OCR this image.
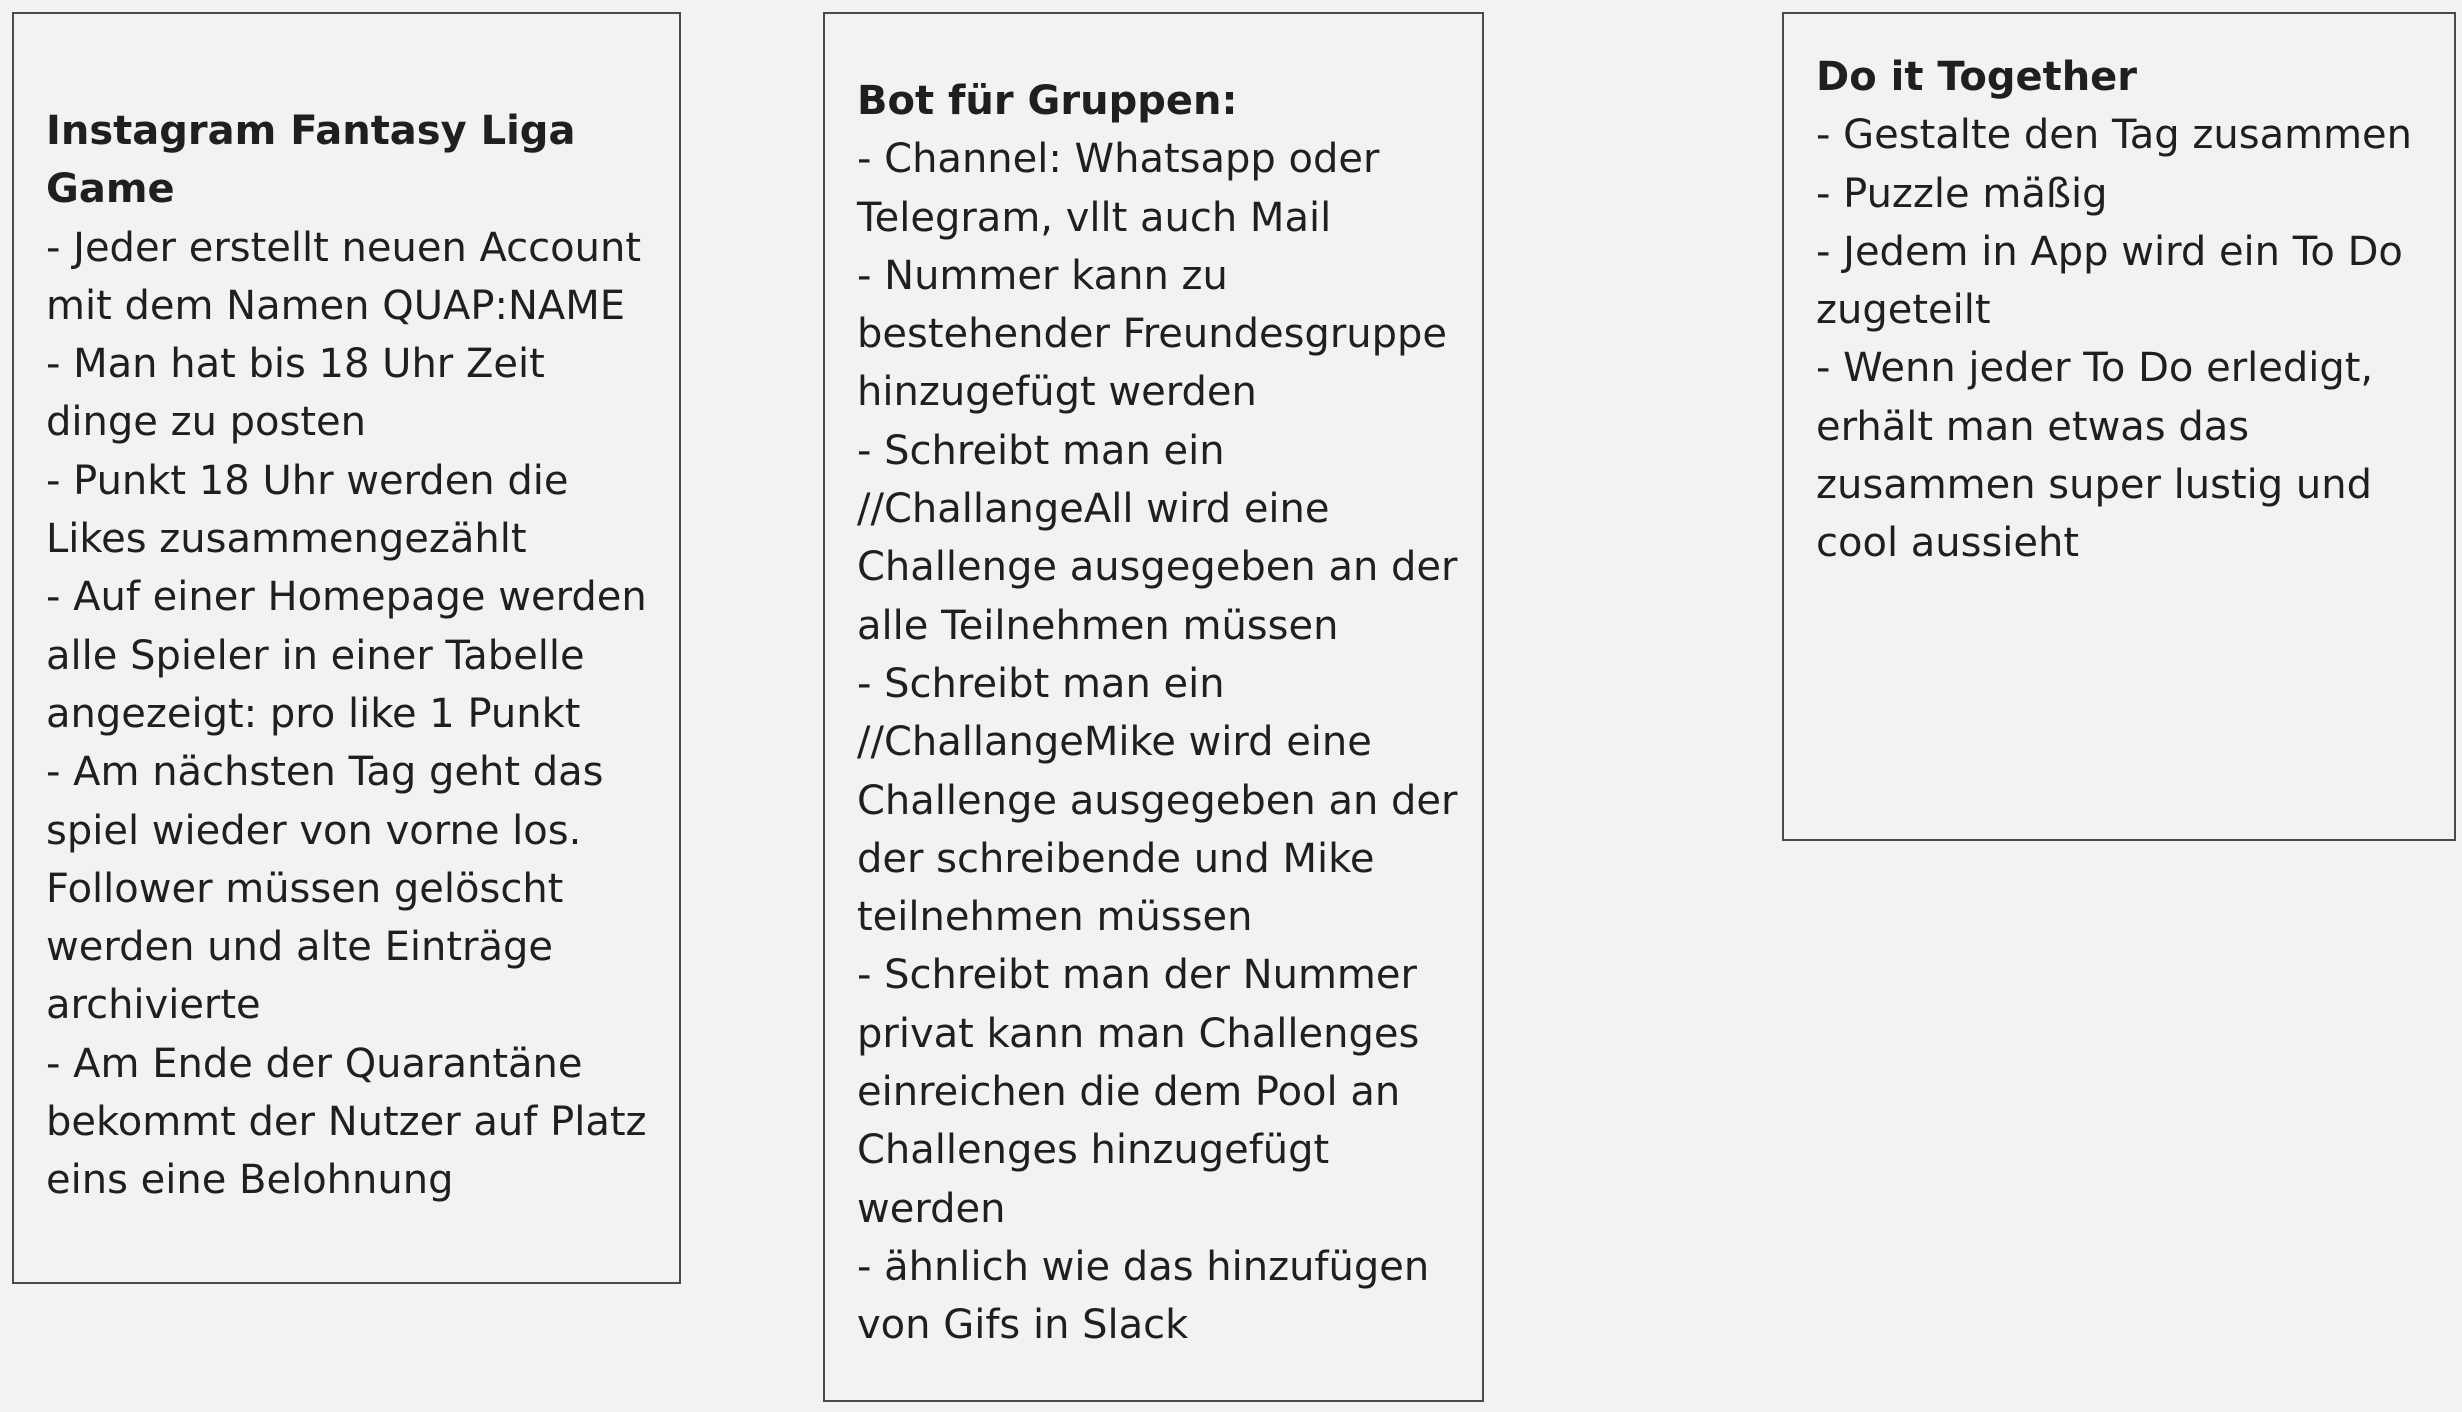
Instagram Fantasy Liga
Game
- Jeder erstellt neuen Account
mit dem Namen QUAP:NAME
- Man hat bis 18 Uhr Zeit
dinge zu posten
- Punkt 18 Uhr werden die
Likes zusammengezählt
- Auf einer Homepage werden
alle Spieler in einer Tabelle
angezeigt: pro like 1 Punkt
- Am nächsten Tag geht das
spiel wieder von vorne los.
Follower müssen gelöscht
werden und alte Einträge
archivierte
- Am Ende der Quarantäne
bekommt der Nutzer auf Platz
eins eine Belohnung
Bot für Gruppen:
- Channel: Whatsapp oder
Telegram, vllt auch Mail
- Nummer kann zu
bestehender Freundesgruppe
hinzugefügt werden
- Schreibt man ein
//ChallangeAll wird eine
Challenge ausgegeben an der
alle Teilnehmen müssen
- Schreibt man ein
//ChallangeMike wird eine
Challenge ausgegeben an der
der schreibende und Mike
teilnehmen müssen
- Schreibt man der Nummer
privat kann man Challenges
einreichen die dem Pool an
Challenges hinzugefügt
werden
- ähnlich wie das hinzufügen
von Gifs in Slack
Do it Together
- Gestalte den Tag zusammen
- Puzzle mäßig
- Jedem in App wird ein To Do
zugeteilt
- Wenn jeder To Do erledigt,
erhält man etwas das
zusammen super lustig und
cool aussieht
